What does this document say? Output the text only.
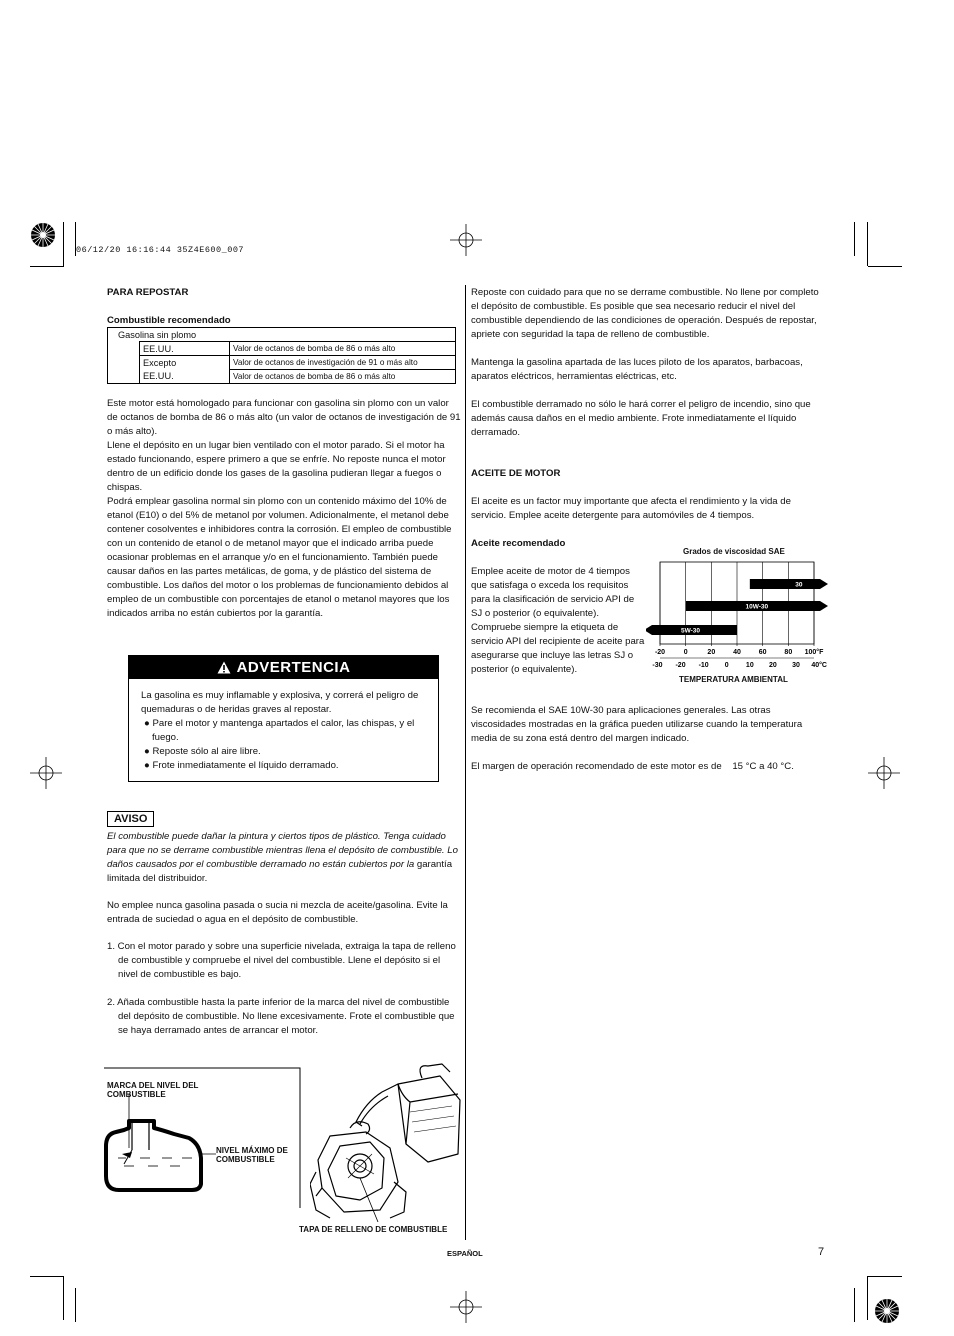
06/12/20 16:16:44 35Z4E600_007
PARA REPOSTAR
Combustible recomendado
Gasolina sin plomo		
	EE.UU.	Valor de octanos de bomba de 86 o más alto
	Excepto	Valor de octanos de investigación de 91 o más alto
	EE.UU.	Valor de octanos de bomba de 86 o más alto
Este motor está homologado para funcionar con gasolina sin plomo con un valor de octanos de bomba de 86 o más alto (un valor de octanos de investigación de 91 o más alto).
Llene el depósito en un lugar bien ventilado con el motor parado. Si el motor ha estado funcionando, espere primero a que se enfríe. No reposte nunca el motor dentro de un edificio donde los gases de la gasolina pudieran llegar a fuegos o chispas.
Podrá emplear gasolina normal sin plomo con un contenido máximo del 10% de etanol (E10) o del 5% de metanol por volumen. Adicionalmente, el metanol debe contener cosolventes e inhibidores contra la corrosión. El empleo de combustible con un contenido de etanol o de metanol mayor que el indicado arriba puede ocasionar problemas en el arranque y/o en el funcionamiento. También puede causar daños en las partes metálicas, de goma, y de plástico del sistema de combustible. Los daños del motor o los problemas de funcionamiento debidos al empleo de un combustible con porcentajes de etanol o metanol mayores que los indicados arriba no están cubiertos por la garantía.
ADVERTENCIA
La gasolina es muy inflamable y explosiva, y correrá el peligro de quemaduras o de heridas graves al repostar.
● Pare el motor y mantenga apartados el calor, las chispas, y el fuego.
● Reposte sólo al aire libre.
● Frote inmediatamente el líquido derramado.
AVISO
El combustible puede dañar la pintura y ciertos tipos de plástico. Tenga cuidado para que no se derrame combustible mientras llena el depósito de combustible. Lo daños causados por el combustible derramado no están cubiertos por la garantía limitada del distribuidor.
No emplee nunca gasolina pasada o sucia ni mezcla de aceite/gasolina. Evite la entrada de suciedad o agua en el depósito de combustible.
1. Con el motor parado y sobre una superficie nivelada, extraiga la tapa de relleno de combustible y compruebe el nivel del combustible. Llene el depósito si el nivel de combustible es bajo.
2. Añada combustible hasta la parte inferior de la marca del nivel de combustible del depósito de combustible. No llene excesivamente. Frote el combustible que se haya derramado antes de arrancar el motor.
MARCA DEL NIVEL DEL COMBUSTIBLE
NIVEL MÁXIMO DE COMBUSTIBLE
TAPA DE RELLENO DE COMBUSTIBLE

Reposte con cuidado para que no se derrame combustible. No llene por completo el depósito de combustible. Es posible que sea necesario reducir el nivel del combustible dependiendo de las condiciones de operación. Después de repostar, apriete con seguridad la tapa de relleno de combustible.

Mantenga la gasolina apartada de las luces piloto de los aparatos, barbacoas, aparatos eléctricos, herramientas eléctricas, etc.

El combustible derramado no sólo le hará correr el peligro de incendio, sino que además causa daños en el medio ambiente. Frote inmediatamente el líquido derramado.

ACEITE DE MOTOR
El aceite es un factor muy importante que afecta el rendimiento y la vida de servicio. Emplee aceite detergente para automóviles de 4 tiempos.
Aceite recomendado
Emplee aceite de motor de 4 tiempos que satisfaga o exceda los requisitos para la clasificación de servicio API de SJ o posterior (o equivalente). Compruebe siempre la etiqueta de servicio API del recipiente de aceite para asegurarse que incluye las letras SJ o posterior (o equivalente).
Grados de viscosidad SAE
-20	0	20	40	60	80 100°F
-30 -20 -10 0 10 20 30 40°C
30
10W-30
5W-30
TEMPERATURA AMBIENTAL
Se recomienda el SAE 10W-30 para aplicaciones generales. Las otras viscosidades mostradas en la gráfica pueden utilizarse cuando la temperatura media de su zona está dentro del margen indicado.
El margen de operación recomendado de este motor es de 15 °C a 40 °C.
ESPAÑOL	7
